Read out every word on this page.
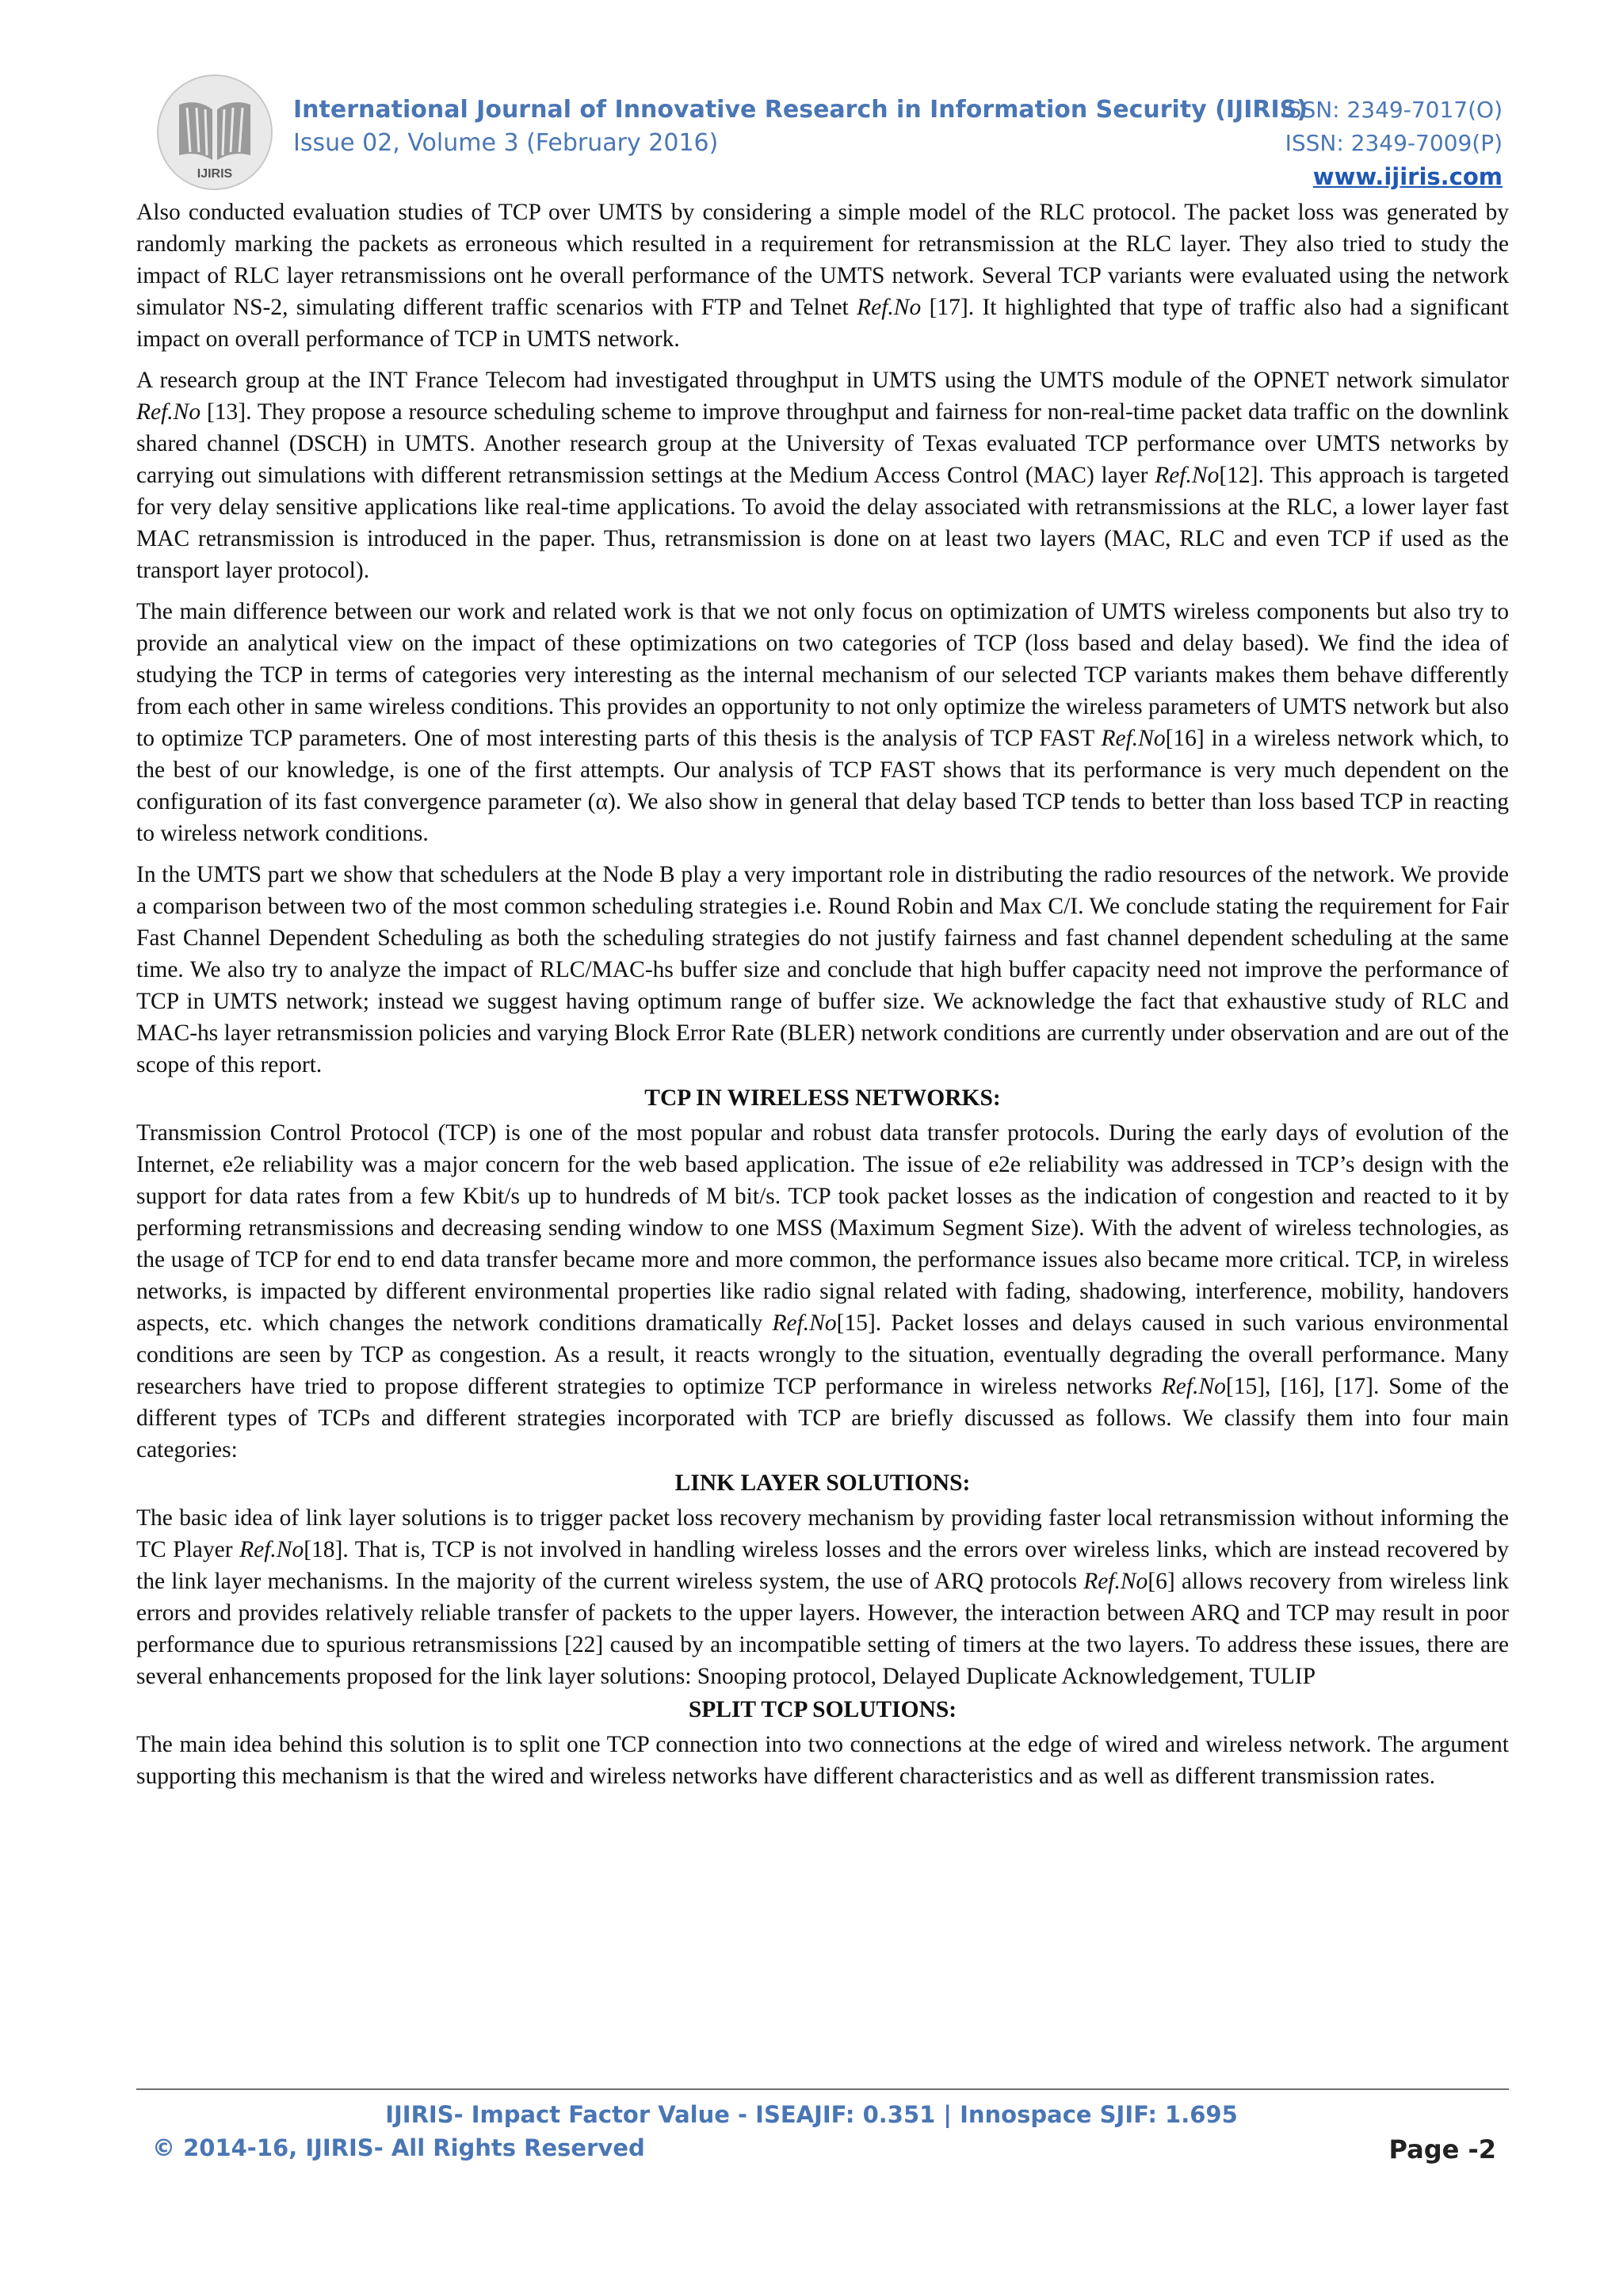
IJIRIS
International Journal of Innovative Research in Information Security (IJIRIS)
Issue 02, Volume 3 (February 2016)
ISSN: 2349-7017(O)
ISSN: 2349-7009(P)
www.ijiris.com

Also conducted evaluation studies of TCP over UMTS by considering a simple model of the RLC protocol. The packet loss was generated by randomly marking the packets as erroneous which resulted in a requirement for retransmission at the RLC layer. They also tried to study the impact of RLC layer retransmissions ont he overall performance of the UMTS network. Several TCP variants were evaluated using the network simulator NS-2, simulating different traffic scenarios with FTP and Telnet Ref.No [17]. It highlighted that type of traffic also had a significant impact on overall performance of TCP in UMTS network.

A research group at the INT France Telecom had investigated throughput in UMTS using the UMTS module of the OPNET network simulator Ref.No [13]. They propose a resource scheduling scheme to improve throughput and fairness for non-real-time packet data traffic on the downlink shared channel (DSCH) in UMTS. Another research group at the University of Texas evaluated TCP performance over UMTS networks by carrying out simulations with different retransmission settings at the Medium Access Control (MAC) layer Ref.No[12]. This approach is targeted for very delay sensitive applications like real-time applications. To avoid the delay associated with retransmissions at the RLC, a lower layer fast MAC retransmission is introduced in the paper. Thus, retransmission is done on at least two layers (MAC, RLC and even TCP if used as the transport layer protocol).

The main difference between our work and related work is that we not only focus on optimization of UMTS wireless components but also try to provide an analytical view on the impact of these optimizations on two categories of TCP (loss based and delay based). We find the idea of studying the TCP in terms of categories very interesting as the internal mechanism of our selected TCP variants makes them behave differently from each other in same wireless conditions. This provides an opportunity to not only optimize the wireless parameters of UMTS network but also to optimize TCP parameters. One of most interesting parts of this thesis is the analysis of TCP FAST Ref.No[16] in a wireless network which, to the best of our knowledge, is one of the first attempts. Our analysis of TCP FAST shows that its performance is very much dependent on the configuration of its fast convergence parameter (α). We also show in general that delay based TCP tends to better than loss based TCP in reacting to wireless network conditions.

In the UMTS part we show that schedulers at the Node B play a very important role in distributing the radio resources of the network. We provide a comparison between two of the most common scheduling strategies i.e. Round Robin and Max C/I. We conclude stating the requirement for Fair Fast Channel Dependent Scheduling as both the scheduling strategies do not justify fairness and fast channel dependent scheduling at the same time. We also try to analyze the impact of RLC/MAC-hs buffer size and conclude that high buffer capacity need not improve the performance of TCP in UMTS network; instead we suggest having optimum range of buffer size. We acknowledge the fact that exhaustive study of RLC and MAC-hs layer retransmission policies and varying Block Error Rate (BLER) network conditions are currently under observation and are out of the scope of this report.

TCP IN WIRELESS NETWORKS:

Transmission Control Protocol (TCP) is one of the most popular and robust data transfer protocols. During the early days of evolution of the Internet, e2e reliability was a major concern for the web based application. The issue of e2e reliability was addressed in TCP’s design with the support for data rates from a few Kbit/s up to hundreds of M bit/s. TCP took packet losses as the indication of congestion and reacted to it by performing retransmissions and decreasing sending window to one MSS (Maximum Segment Size). With the advent of wireless technologies, as the usage of TCP for end to end data transfer became more and more common, the performance issues also became more critical. TCP, in wireless networks, is impacted by different environmental properties like radio signal related with fading, shadowing, interference, mobility, handovers aspects, etc. which changes the network conditions dramatically Ref.No[15]. Packet losses and delays caused in such various environmental conditions are seen by TCP as congestion. As a result, it reacts wrongly to the situation, eventually degrading the overall performance. Many researchers have tried to propose different strategies to optimize TCP performance in wireless networks Ref.No[15], [16], [17]. Some of the different types of TCPs and different strategies incorporated with TCP are briefly discussed as follows. We classify them into four main categories:

LINK LAYER SOLUTIONS:

The basic idea of link layer solutions is to trigger packet loss recovery mechanism by providing faster local retransmission without informing the TC Player Ref.No[18]. That is, TCP is not involved in handling wireless losses and the errors over wireless links, which are instead recovered by the link layer mechanisms. In the majority of the current wireless system, the use of ARQ protocols Ref.No[6] allows recovery from wireless link errors and provides relatively reliable transfer of packets to the upper layers. However, the interaction between ARQ and TCP may result in poor performance due to spurious retransmissions [22] caused by an incompatible setting of timers at the two layers. To address these issues, there are several enhancements proposed for the link layer solutions: Snooping protocol, Delayed Duplicate Acknowledgement, TULIP

SPLIT TCP SOLUTIONS:

The main idea behind this solution is to split one TCP connection into two connections at the edge of wired and wireless network. The argument supporting this mechanism is that the wired and wireless networks have different characteristics and as well as different transmission rates.

IJIRIS- Impact Factor Value - ISEAJIF: 0.351 | Innospace SJIF: 1.695
© 2014-16, IJIRIS- All Rights Reserved	Page -2
